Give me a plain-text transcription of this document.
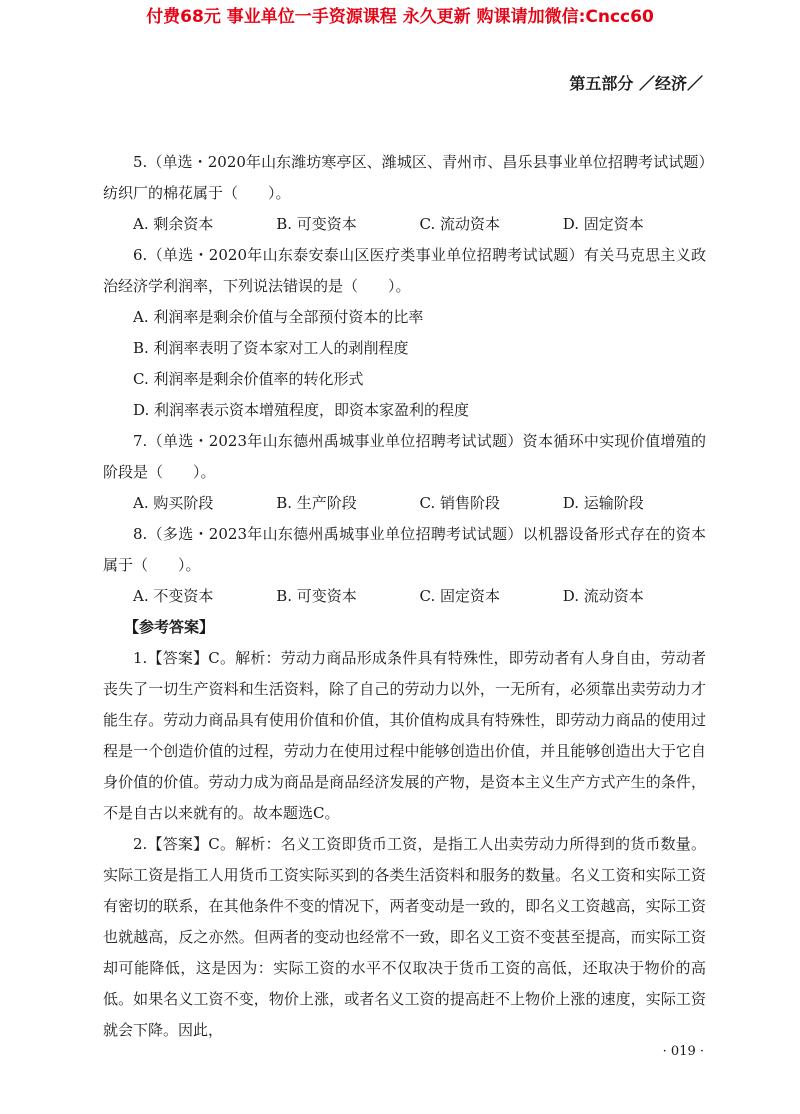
付费68元 事业单位一手资源课程 永久更新 购课请加微信:Cncc60
第五部分 ／经济／

5.（单选・2020年山东潍坊寒亭区、潍城区、青州市、昌乐县事业单位招聘考试试题）纺织厂的棉花属于（　　）。

A. 剩余资本	B. 可变资本	C. 流动资本	D. 固定资本

6.（单选・2020年山东泰安泰山区医疗类事业单位招聘考试试题）有关马克思主义政治经济学利润率，下列说法错误的是（　　）。

A. 利润率是剩余价值与全部预付资本的比率

B. 利润率表明了资本家对工人的剥削程度

C. 利润率是剩余价值率的转化形式

D. 利润率表示资本增殖程度，即资本家盈利的程度

7.（单选・2023年山东德州禹城事业单位招聘考试试题）资本循环中实现价值增殖的阶段是（　　）。

A. 购买阶段	B. 生产阶段	C. 销售阶段	D. 运输阶段

8.（多选・2023年山东德州禹城事业单位招聘考试试题）以机器设备形式存在的资本属于（　　）。

A. 不变资本	B. 可变资本	C. 固定资本	D. 流动资本

【参考答案】

1.【答案】C。解析：劳动力商品形成条件具有特殊性，即劳动者有人身自由，劳动者丧失了一切生产资料和生活资料，除了自己的劳动力以外，一无所有，必须靠出卖劳动力才能生存。劳动力商品具有使用价值和价值，其价值构成具有特殊性，即劳动力商品的使用过程是一个创造价值的过程，劳动力在使用过程中能够创造出价值，并且能够创造出大于它自身价值的价值。劳动力成为商品是商品经济发展的产物，是资本主义生产方式产生的条件，不是自古以来就有的。故本题选C。

2.【答案】C。解析：名义工资即货币工资，是指工人出卖劳动力所得到的货币数量。实际工资是指工人用货币工资实际买到的各类生活资料和服务的数量。名义工资和实际工资有密切的联系，在其他条件不变的情况下，两者变动是一致的，即名义工资越高，实际工资也就越高，反之亦然。但两者的变动也经常不一致，即名义工资不变甚至提高，而实际工资却可能降低，这是因为：实际工资的水平不仅取决于货币工资的高低，还取决于物价的高低。如果名义工资不变，物价上涨，或者名义工资的提高赶不上物价上涨的速度，实际工资就会下降。因此，

· 019 ·
